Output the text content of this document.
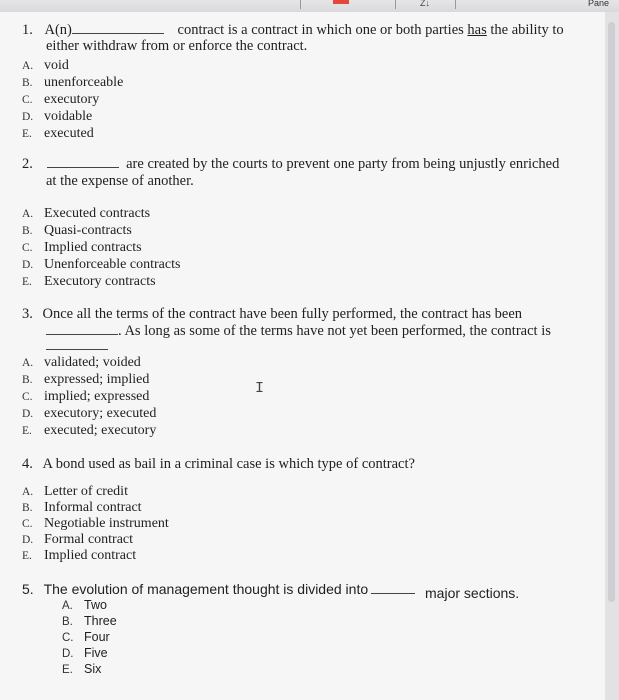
Z↓	Pane
1. A(n)	contract is a contract in which one or both parties has the ability to
either withdraw from or enforce the contract.
A. void
B. unenforceable
C. executory
D. voidable
E. executed
2.	are created by the courts to prevent one party from being unjustly enriched
at the expense of another.
A. Executed contracts
B. Quasi-contracts
C. Implied contracts
D. Unenforceable contracts
E. Executory contracts
3. Once all the terms of the contract have been fully performed, the contract has been
. As long as some of the terms have not yet been performed, the contract is
A. validated; voided
B. expressed; implied
C. implied; expressed
D. executory; executed
E. executed; executory
I
4. A bond used as bail in a criminal case is which type of contract?
A. Letter of credit
B. Informal contract
C. Negotiable instrument
D. Formal contract
E. Implied contract
5. The evolution of management thought is divided into	major sections.
A. Two
B. Three
C. Four
D. Five
E. Six
